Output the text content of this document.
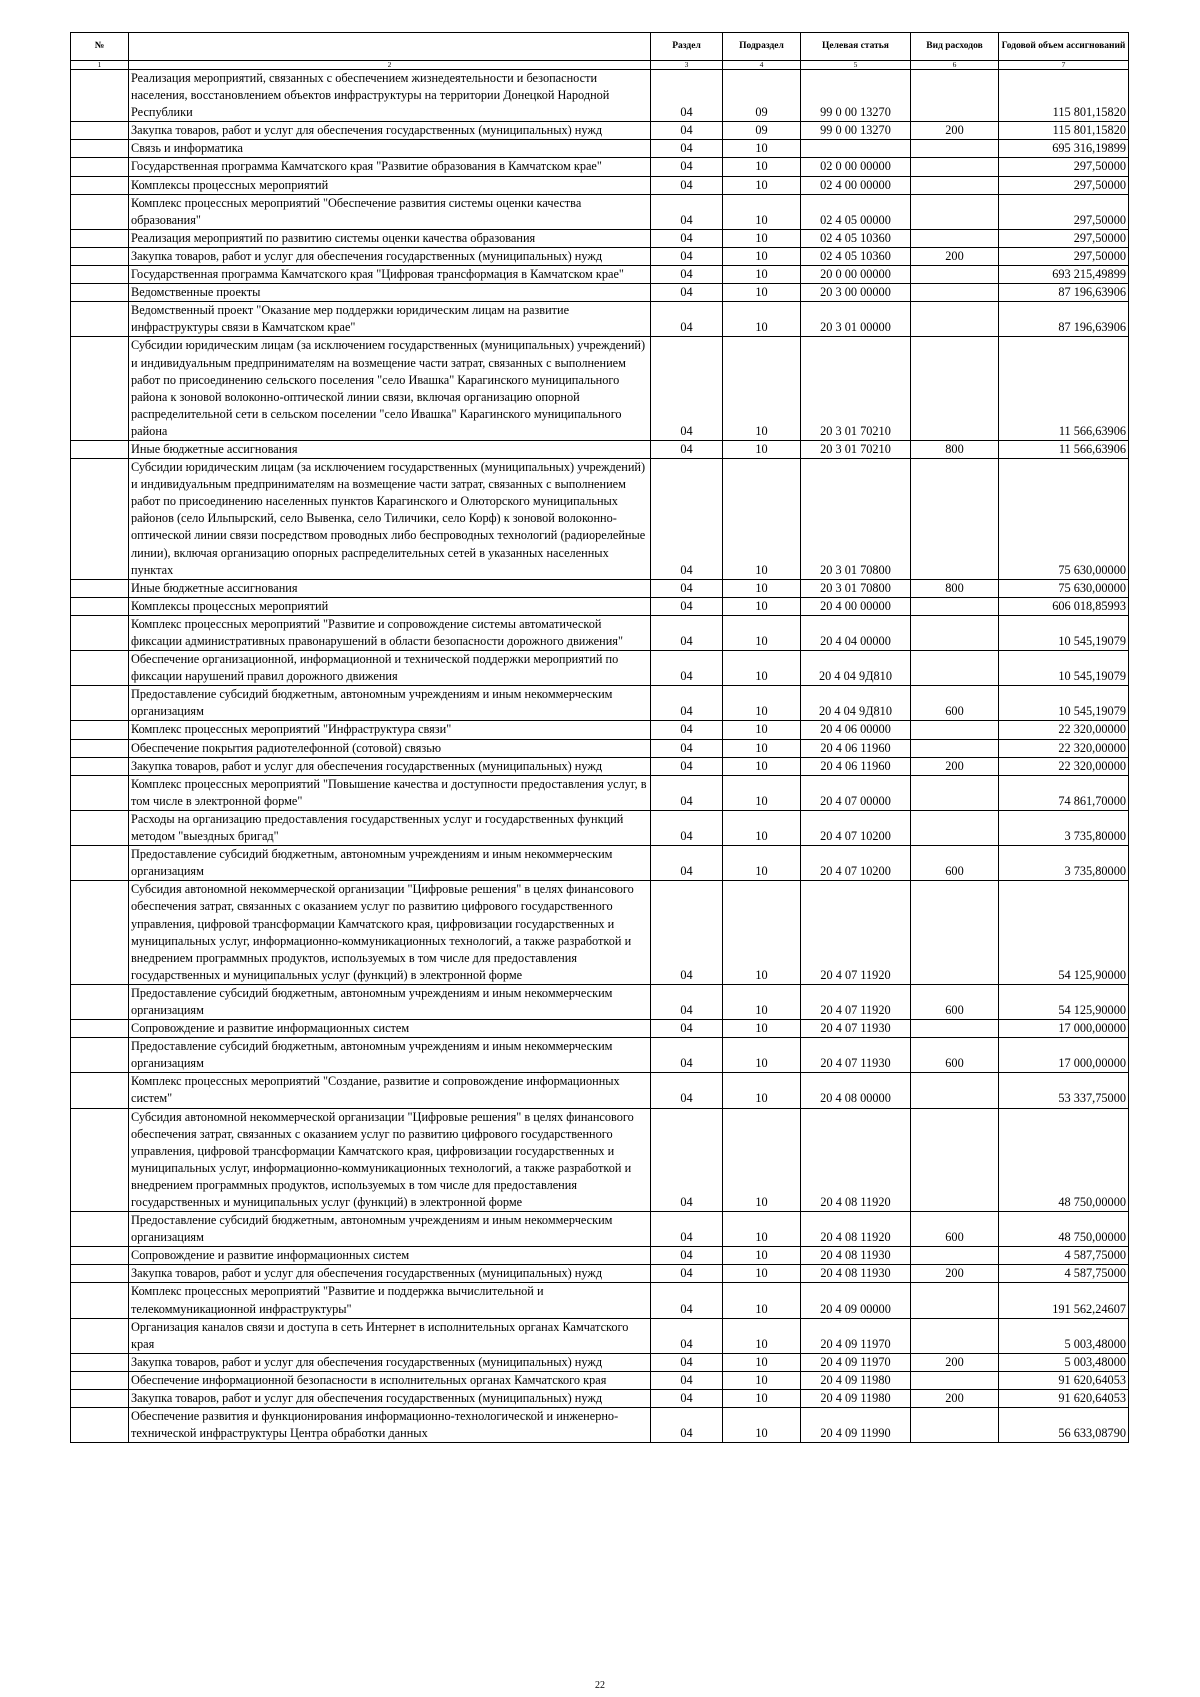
№		Раздел	Подраздел	Целевая статья	Вид расходов	Годовой объем ассигнований
1	2	3	4	5	6	7
	Реализация мероприятий, связанных с обеспечением жизнедеятельности и безопасности населения, восстановлением объектов инфраструктуры на территории Донецкой Народной Республики	04	09	99 0 00 13270		115 801,15820
	Закупка товаров, работ и услуг для обеспечения государственных (муниципальных) нужд	04	09	99 0 00 13270	200	115 801,15820
	Связь и информатика	04	10			695 316,19899
	Государственная программа Камчатского края "Развитие образования в Камчатском крае"	04	10	02 0 00 00000		297,50000
	Комплексы процессных мероприятий	04	10	02 4 00 00000		297,50000
	Комплекс процессных мероприятий "Обеспечение развития системы оценки качества образования"	04	10	02 4 05 00000		297,50000
	Реализация мероприятий по развитию системы оценки качества образования	04	10	02 4 05 10360		297,50000
	Закупка товаров, работ и услуг для обеспечения государственных (муниципальных) нужд	04	10	02 4 05 10360	200	297,50000
	Государственная программа Камчатского края "Цифровая трансформация в Камчатском крае"	04	10	20 0 00 00000		693 215,49899
	Ведомственные проекты	04	10	20 3 00 00000		87 196,63906
	Ведомственный проект "Оказание мер поддержки юридическим лицам на развитие инфраструктуры связи в Камчатском крае"	04	10	20 3 01 00000		87 196,63906
	Субсидии юридическим лицам (за исключением государственных (муниципальных) учреждений) и индивидуальным предпринимателям на возмещение части затрат, связанных с выполнением работ по присоединению сельского поселения "село Ивашка" Карагинского муниципального района к зоновой волоконно-оптической линии связи, включая организацию опорной распределительной сети в сельском поселении "село Ивашка" Карагинского муниципального района	04	10	20 3 01 70210		11 566,63906
	Иные бюджетные ассигнования	04	10	20 3 01 70210	800	11 566,63906
	Субсидии юридическим лицам (за исключением государственных (муниципальных) учреждений) и индивидуальным предпринимателям на возмещение части затрат, связанных с выполнением работ по присоединению населенных пунктов Карагинского и Олюторского муниципальных районов (село Ильпырский, село Вывенка, село Тиличики, село Корф) к зоновой волоконно-оптической линии связи посредством проводных либо беспроводных технологий (радиорелейные линии), включая организацию опорных распределительных сетей в указанных населенных пунктах	04	10	20 3 01 70800		75 630,00000
	Иные бюджетные ассигнования	04	10	20 3 01 70800	800	75 630,00000
	Комплексы процессных мероприятий	04	10	20 4 00 00000		606 018,85993
	Комплекс процессных мероприятий "Развитие и сопровождение системы автоматической фиксации административных правонарушений в области безопасности дорожного движения"	04	10	20 4 04 00000		10 545,19079
	Обеспечение организационной, информационной и технической поддержки мероприятий по фиксации нарушений правил дорожного движения	04	10	20 4 04 9Д810		10 545,19079
	Предоставление субсидий бюджетным, автономным учреждениям и иным некоммерческим организациям	04	10	20 4 04 9Д810	600	10 545,19079
	Комплекс процессных мероприятий "Инфраструктура связи"	04	10	20 4 06 00000		22 320,00000
	Обеспечение покрытия радиотелефонной (сотовой) связью	04	10	20 4 06 11960		22 320,00000
	Закупка товаров, работ и услуг для обеспечения государственных (муниципальных) нужд	04	10	20 4 06 11960	200	22 320,00000
	Комплекс процессных мероприятий "Повышение качества и доступности предоставления услуг, в том числе в электронной форме"	04	10	20 4 07 00000		74 861,70000
	Расходы на организацию предоставления государственных услуг и государственных функций методом "выездных бригад"	04	10	20 4 07 10200		3 735,80000
	Предоставление субсидий бюджетным, автономным учреждениям и иным некоммерческим организациям	04	10	20 4 07 10200	600	3 735,80000
	Субсидия автономной некоммерческой организации "Цифровые решения" в целях финансового обеспечения затрат, связанных с оказанием услуг по развитию цифрового государственного управления, цифровой трансформации Камчатского края, цифровизации государственных и муниципальных услуг, информационно-коммуникационных технологий, а также разработкой и внедрением программных продуктов, используемых в том числе для предоставления государственных и муниципальных услуг (функций) в электронной форме	04	10	20 4 07 11920		54 125,90000
	Предоставление субсидий бюджетным, автономным учреждениям и иным некоммерческим организациям	04	10	20 4 07 11920	600	54 125,90000
	Сопровождение и развитие информационных систем	04	10	20 4 07 11930		17 000,00000
	Предоставление субсидий бюджетным, автономным учреждениям и иным некоммерческим организациям	04	10	20 4 07 11930	600	17 000,00000
	Комплекс процессных мероприятий "Создание, развитие и сопровождение информационных систем"	04	10	20 4 08 00000		53 337,75000
	Субсидия автономной некоммерческой организации "Цифровые решения" в целях финансового обеспечения затрат, связанных с оказанием услуг по развитию цифрового государственного управления, цифровой трансформации Камчатского края, цифровизации государственных и муниципальных услуг, информационно-коммуникационных технологий, а также разработкой и внедрением программных продуктов, используемых в том числе для предоставления государственных и муниципальных услуг (функций) в электронной форме	04	10	20 4 08 11920		48 750,00000
	Предоставление субсидий бюджетным, автономным учреждениям и иным некоммерческим организациям	04	10	20 4 08 11920	600	48 750,00000
	Сопровождение и развитие информационных систем	04	10	20 4 08 11930		4 587,75000
	Закупка товаров, работ и услуг для обеспечения государственных (муниципальных) нужд	04	10	20 4 08 11930	200	4 587,75000
	Комплекс процессных мероприятий "Развитие и поддержка вычислительной и телекоммуникационной инфраструктуры"	04	10	20 4 09 00000		191 562,24607
	Организация каналов связи и доступа в сеть Интернет в исполнительных органах Камчатского края	04	10	20 4 09 11970		5 003,48000
	Закупка товаров, работ и услуг для обеспечения государственных (муниципальных) нужд	04	10	20 4 09 11970	200	5 003,48000
	Обеспечение информационной безопасности в исполнительных органах Камчатского края	04	10	20 4 09 11980		91 620,64053
	Закупка товаров, работ и услуг для обеспечения государственных (муниципальных) нужд	04	10	20 4 09 11980	200	91 620,64053
	Обеспечение развития и функционирования информационно-технологической и инженерно-технической инфраструктуры Центра обработки данных	04	10	20 4 09 11990		56 633,08790
22
